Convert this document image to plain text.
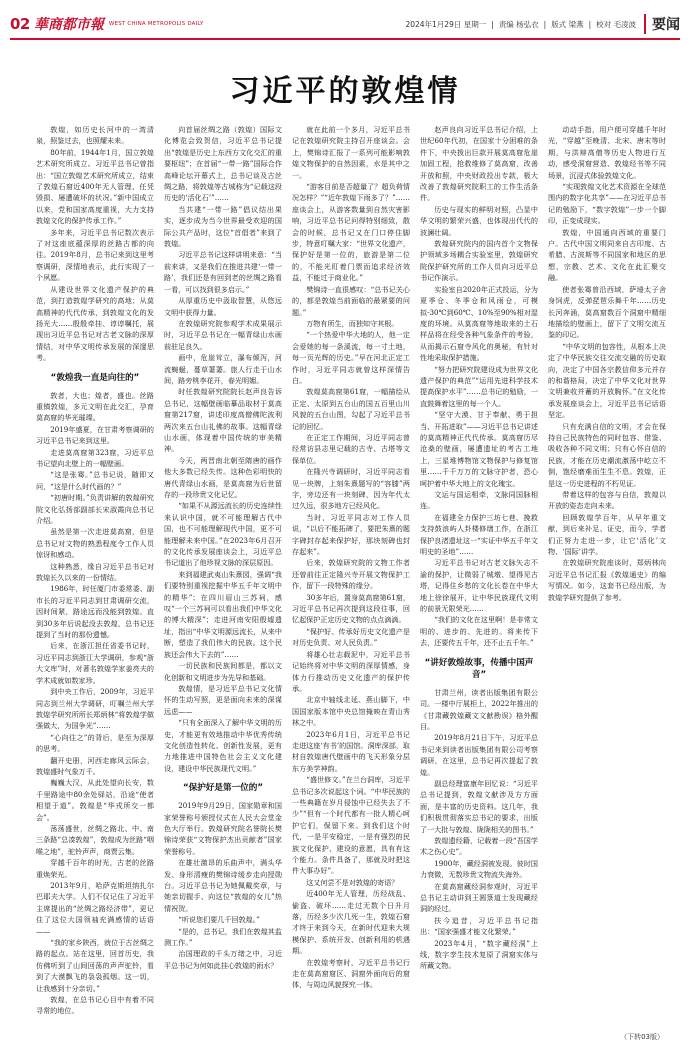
02 華商都市報 WEST CHINA METROPOLIS DAILY	2024年1月29日 星期一 | 责编 杨弘衣 | 版式 梁燕 | 校对 毛凌波	要闻
习近平的敦煌情

敦煌，如历史长河中的一湾清泉，照鉴过去，也照耀未来。

80年前，1944年1月，国立敦煌艺术研究所成立。习近平总书记曾指出：“国立敦煌艺术研究所成立，结束了敦煌石窟近400年无人管理、任凭毁损、屡遭破坏的状况。”新中国成立以来，党和国家高度重视，大力支持敦煌文化的保护传承工作。”

多年来，习近平总书记数次表示了对这座底蕴深厚的丝路古都的向往。2019年8月，总书记来到这里考察调研，深情地表示，此行实现了一个夙愿。

从建设世界文化遗产保护的典范，到打造敦煌学研究的高地；从莫高精神的代代传承，到敦煌文化的发扬光大……殷殷牵挂、谆谆嘱托，展现出习近平总书记对古老文脉的深厚情结，对中华文明传承发展的深邃思考。

“敦煌我一直是向往的”

敦者，大也；煌者，盛也。丝路重镇敦煌，多元文明在此交汇，孕育莫高窟的华光璀璨。

2019年盛夏，在甘肃考察调研的习近平总书记来到这里。

走进莫高窟第323窟，习近平总书记望向北壁上的一幅壁画。

“这是张骞。”总书记说，随即又问，“这是什么时代画的？”

“初唐时期。”负责讲解的敦煌研究院文化弘扬部副部长宋淑霞向总书记介绍。

虽然是第一次走进莫高窟，但是总书记对文物的熟悉程度令工作人员惊讶和感动。

这种熟悉，缘自习近平总书记对敦煌长久以来的一份情结。

1986年，时任厦门市委常委、副市长的习近平同志到甘肃调研交流，因时间紧，路途远而没能到敦煌。直到30多年后说起没去敦煌，总书记还提到了当时的那份遗憾。

后来，在浙江担任省委书记时，习近平同志到浙江大学调研，参观“浙大文库”时，对著名敦煌学家姜亮夫的学术成就如数家珍。

到中央工作后，2009年，习近平同志到兰州大学调研，叮嘱兰州大学敦煌学研究所所长郑炳林“将敦煌学做强做大，为国争光”……

“心向往之”的背后，是至为深厚的思考。

翻开史册，河西走廊风云际会，敦煌盛时气象万千。

巍巍大汉，从此处望向长安，数千里路途中80余处驿站，沿途“使者相望于道”。敦煌是“华戎所交一都会”。

荡荡盛世，丝绸之路北、中、南三条路“总凑敦煌”，敦煌成为丝路“咽喉之地”，驼铃声声，商贾云集。

穿越千百年的时光，古老的丝路重焕荣光。

2013年9月，哈萨克斯坦纳扎尔巴耶夫大学。人们不仅记住了习近平主席提出的“丝绸之路经济带”，更记住了这位大国领袖充满感情的话语——

“我的家乡陕西，就位于古丝绸之路的起点。站在这里，回首历史，我仿佛听到了山间回荡的声声驼铃，看到了大漠飘飞的袅袅孤烟。这一切，让我感到十分亲切。”

敦煌，在总书记心目中有着不同寻常的地位。

向首届丝绸之路（敦煌）国际文化博览会致贺信，习近平总书记提出“敦煌是历史上东西方文化交汇的重要枢纽”；在首届“一带一路”国际合作高峰论坛开幕式上，总书记谈及古丝绸之路，将敦煌等古城称为“记载这段历史的‘活化石’”……

当共建“一带一路”倡议结出果实，逐步成为当今世界最受欢迎的国际公共产品时，这位“首倡者”来到了敦煌。

习近平总书记这样讲明来意：“当前来讲，又是我们在推进共建‘一带一路’，我们还是有回到老的丝绸之路看一看，可以找到很多启示。”

从厚重历史中汲取智慧，从悠远文明中获得力量。

在敦煌研究院参观学术成果展示时，习近平总书记在一幅青绿山水画前驻足良久。

画中，危崖耸立，瀑布倾泻，河流蜿蜒，蔓草萋萋。旅人行走于山水间，路旁桃李花开，春光明媚。

时任敦煌研究院院长赵声良告诉总书记，这幅壁画临摹品取材于莫高窟第217窟，讲述印度高僧佛陀波利两次来五台山礼佛的故事。这幅青绿山水画，体现着中国传统的审美精神。

今天，两晋南北朝至隋唐的画作他大多数已经失传。这种色彩明快的唐代青绿山水画，是莫高窟为后世留存的一段珍贵文化记忆。

“如果不从源远流长的历史连续性来认识中国，就不可能理解古代中国，也不可能理解现代中国，更不可能理解未来中国。”在2023年6月召开的文化传承发展座谈会上，习近平总书记道出了他珍视文脉的深层原因。

来到福建武夷山朱熹园，强调“我们要特别重视挖掘中华五千年文明中的精华”；在四川眉山三苏祠，感叹“一个三苏祠可以看出我们中华文化的博大精深”；走进河南安阳殷墟遗址，指出“中华文明源远流长，从来中断，塑造了我们伟大的民族。这个民族还会伟大下去的”……

一切民族和民族间都是，都以文化创新和文明进步为先导和基础。

敦煌情，是习近平总书记文化情怀的生动写照，更是面向未来的深谋远虑——

“只有全面深入了解中华文明的历史，才能更有效地推动中华优秀传统文化创造性转化、创新性发展，更有力地推进中国特色社会主义文化建设，建设中华民族现代文明。”

“保护好是第一位的”

2019年9月29日，国家勋章和国家荣誉称号颁授仪式在人民大会堂金色大厅举行。敦煌研究院名誉院长樊锦诗荣获“文物保护杰出贡献者”国家荣誉称号。

在雄壮激昂的乐曲声中，满头华发、身形清瘦的樊锦诗缓步走向授勋台。习近平总书记为她佩戴奖章，与她亲切握手、向这位“敦煌的女儿”热情祝贺。

“听说您们要几千回敦煌。”

“是的，总书记，我们在敦煌其监测工作。”

治国理政的千头万绪之中，习近平总书记为何如此挂心敦煌的雨水？

就在此前一个多月，习近平总书记在敦煌研究院主持召开座谈会。会上，樊锦诗汇报了一系列可能影响敦煌文物保护的自然因素，水是其中之一。

“游客目前是否超量了？超负荷情况怎样？”“近年敦煌下雨多了？”……座谈会上，从游客数量到自然灾害影响，习近平总书记问得特别细致，散会的时候，总书记又在门口停住脚步，特意叮嘱大家：“世界文化遗产，保护好是第一位的，旅游是第二位的，不能光盯着门票而追求经济效益，不能过于商业化。”

樊锦诗一直很感叹：“总书记关心的，都是敦煌当前面临的最紧要的问题。”

万物有所生，而独知守其根。

“一个热爱中华大地的人，他一定会爱她的每一条溪流，每一寸土地，每一页光辉的历史。”早在河北正定工作时，习近平同志就曾这样深情告白。

敦煌莫高窟第61窟，一幅描绘从正定、太原到五台山的国五百里山川风貌的五台山图，勾起了习近平总书记的回忆。

在正定工作期间，习近平同志曾经常访县志里记载的古寺、古塔等文保单位。

在隆兴寺调研时，习近平同志看见一块牌，上刻朱熹题写的“容膝”两字，旁边还有一块刻碑，因为年代太过久远，很多地方已经风化。

当时，习近平同志对工作人员说，“以后不能拓碑了，要把朱熹的题字碑封存起来保护好，那块刻碑也封存起来”。

后来，敦煌研究院的文物工作者还曾前往正定隆兴寺开展文物保护工作，留下一段特殊的缘分。

30多年后，置身莫高窟第61窟，习近平总书记再次提到这段往事，回忆起保护正定历史文物的点点滴滴。

“保护好、传承好历史文化遗产是对历史负责、对人民负责。”

将雄心壮志载泥中，习近平总书记始终将对中华文明的深厚情感，身体力行推动历史文化遗产的保护传承。

北京中轴线北延、燕山脚下，中国国家版本馆中央总馆掩映在青山秀林之中。

2023年6月1日，习近平总书记走进这座‘有书’的国馆。洞库深部，取材自敦煌唐代壁画中的飞天形象分层东方美学神韵。

“盛世修文。”在兰台洞库，习近平总书记多次说起这个词。“中华民族的一些典籍在岁月侵蚀中已经失去了不少”“但有一个时代都有一批人精心呵护它们，保留下来。到我们这个时代，一是平安稳定，一是有强烈的民族文化保护、建设的意愿，具有有这个能力。条件具备了，那就及时把这件大事办好”。

这又何尝不是对敦煌的寄语？

近400年无人管理，历经战乱、偷盗、破坏……走过无数个日升月落，历经多少次几死一生，敦煌石窟才终于来到今天，在新时代迎来大规模保护、系统开发、创新利用的机遇期。

在敦煌考察时，习近平总书记行走在莫高窟窟区、洞窟外面向后的窟体，与周边风貌探究一体。

赵声良向习近平总书记介绍，上世纪60年代初，在国家十分困难的条件下，中央拨出巨款开展莫高窟危崖加固工程，抢救维修了莫高窟，改善开放和照，中央财政投出专款，极大改善了敦煌研究院职工的工作生活条件。

历史与现实的鲜明对照，凸显中华文明的繁荣兴盛，也体现出代代的波澜壮阔。

敦煌研究院内的国内首个文物保护领域多场耦合实验室里，敦煌研究院保护研究所的工作人员向习近平总书记作演示。

实验室自2020年正式投运，分为夏季仓、冬季仓和风雨仓，可模拟-30℃到60℃、10%至90%相对湿度的环境。从莫高窟等地取来的土石样品将在经受各种气象条件的考验，从而揭示石窟寺风化的奥秘，有针对性地采取保护措施。

“努力把研究院建设成为世界文化遗产保护的典范”“运用先进科学技术提高保护水平”……总书记的勉励，一直鼓舞着这里的每一个人。

“坚守大漠、甘于奉献、勇于担当、开拓进取”——习近平总书记讲述的莫高精神正代代传承。莫高窟历尽沧桑的壁画，屡遭遗址的考古工地上，三星堆博物馆文物保护与修复馆里……千千万万的文脉守护者，恐心呵护着中华大地上的文化瑰宝。

文运与国运相牵，文脉同国脉相连。

在福建全力保护三坊七巷、挽救支持鼓浪屿人卦楼修缮工作，在浙江保护良渚遗址这一“实证中华五千年文明史的圣地”……

习近平总书记对古老文脉矢志不渝的保护，让微弱了城墩、望得见古塔，记得住乡愁的文化长卷在中华大地上徐徐展开，让中华民族现代文明的前景无限荣光……

“我们的文化在这里啊！是非常文明的、进步的、先进的。将来传下去，还要传五千年，还不止五千年。”

“讲好敦煌故事，传播中国声音”

甘肃兰州，读者出版集团有限公司。一楼中厅展柜上，2022年推出的《甘肃藏敦煌藏文文献勘误》格外醒目。

2019年8月21日下午，习近平总书记来到读者出版集团有限公司考察调研，在这里，总书记再次提起了敦煌。

副总经理富康年回忆说：“习近平总书记提到，敦煌文献涉及方方面面，是丰富的历史资料。这几年，我们积极贯彻落实总书记的要求，出版了一大批与敦煌、陇陇相关的图书。”

敦煌遗经籍，记载着一段“吾国学术之伤心史”。

1900年，藏经洞被发现。彼时国力衰微，无数珍贵文物流失海外。

在莫高窟藏经洞参观时，习近平总书记主动讲到王圆箓道士发现藏经洞的经过。

扶今追昔，习近平总书记指出：“国家强盛才能文化繁荣。”

2023年4月，“数字藏经洞”上线，数字孪生技术复原了洞窟实体与所藏文物。

动动手指，用户便可穿越千年时光，“穿越”至晚清、北宋、唐末等时期，与洪辩高僧等历史人物进行互动，感受洞窟营造、敦煌经书等不同场景，沉浸式体验敦煌文化。

“实现敦煌文化艺术资源在全球范围内的数字化共享”——在习近平总书记的勉励下，“数字敦煌”一步一个脚印，正变成现实。

敦煌，中国通向西域的重要门户。古代中国文明同来自古印度、古希腊、古波斯等不同国家和地区的思想、宗教、艺术、文化在此汇聚交融。

使者张骞曾沿西域，萨埵太子舍身饲虎，反弹琵琶乐舞千年……历史长河奔涌，莫高窟数百个洞窟中精细地描绘的壁画上，留下了文明交流互鉴的印记。

“中华文明的包容性，从根本上决定了中华民族交往交流交融的历史取向，决定了中国各宗教信仰多元并存的和谐格局，决定了中华文化对世界文明兼收并蓄的开放胸怀。”在文化传承发展座谈会上，习近平总书记话语坚定。

只有充满自信的文明，才会在保持自己民族特色的同时包容、借鉴、吸收各种不同文明；只有心怀自信的民族，才能在历史潮流激荡中屹立不倒，饱经磨难而生生不息。敦煌，正是这一历史进程的不朽见证。

带着这样的包容与自信，敦煌以开放的姿态走向未来。

回顾敦煌学百年，从早年重文献，到后来补足、证史，而今，学者们正努力走进一步，让它‘活化’文物、‘国际’讲学。

在敦煌研究院座谈时，郑炳林向习近平总书记汇报《敦煌通史》的编写情况。如今，这套书已经出版，为敦煌学研究提供了参考。

（下转03版）
